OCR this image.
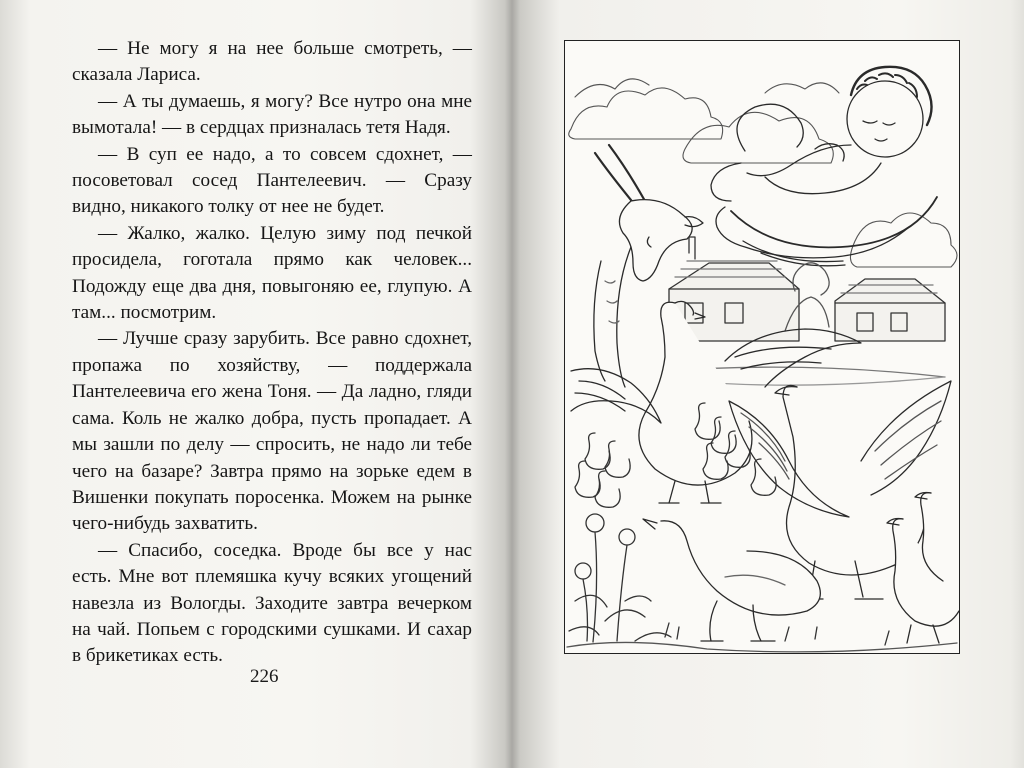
— Не могу я на нее больше смотреть, — сказала Лариса.

— А ты думаешь, я могу? Все нутро она мне вымотала! — в сердцах призналась тетя Надя.

— В суп ее надо, а то совсем сдохнет, — посоветовал сосед Пантелеевич. — Сразу видно, никакого толку от нее не будет.

— Жалко, жалко. Целую зиму под печкой просидела, гоготала прямо как человек... Подожду еще два дня, повыгоняю ее, глупую. А там... посмотрим.

— Лучше сразу зарубить. Все равно сдохнет, пропажа по хозяйству, — поддержала Пантелеевича его жена Тоня. — Да ладно, гляди сама. Коль не жалко добра, пусть пропадает. А мы зашли по делу — спросить, не надо ли тебе чего на базаре? Завтра прямо на зорьке едем в Вишенки покупать поросенка. Можем на рынке чего-нибудь захватить.

— Спасибо, соседка. Вроде бы все у нас есть. Мне вот племяшка кучу всяких угощений навезла из Вологды. Заходите завтра вечерком на чай. Попьем с городскими сушками. И сахар в брикетиках есть.

226
